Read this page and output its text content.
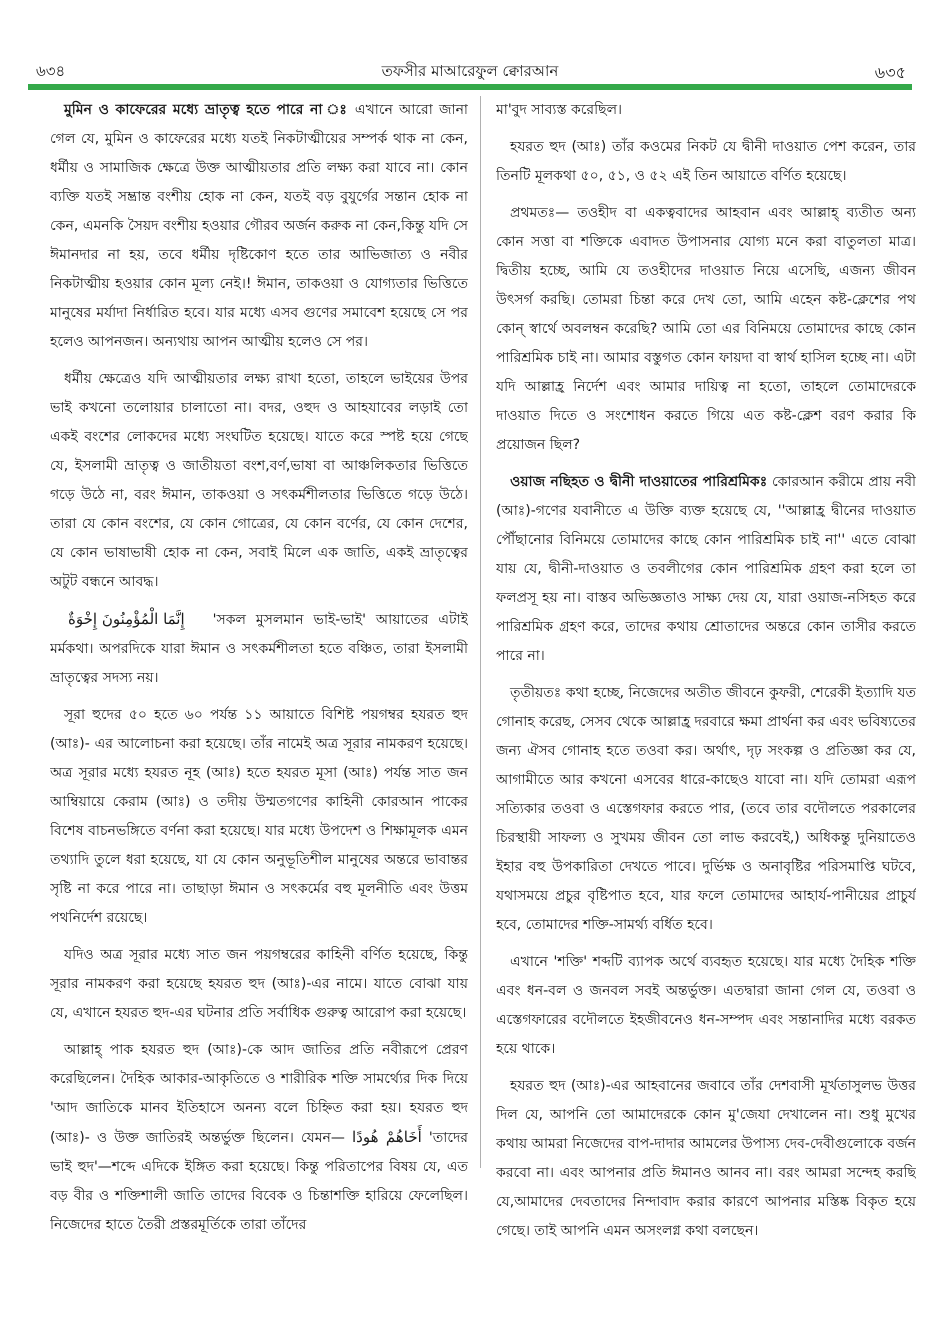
৬৩৪	তফসীর মাআরেফুল ক্বোরআন	৬৩৫

মুমিন ও কাফেরের মধ্যে ভ্রাতৃত্ব হতে পারে না ঃ এখানে আরো জানা গেল যে, মুমিন ও কাফেরের মধ্যে যতই নিকটাত্মীয়ের সম্পর্ক থাক না কেন, ধর্মীয় ও সামাজিক ক্ষেত্রে উক্ত আত্মীয়তার প্রতি লক্ষ্য করা যাবে না। কোন ব্যক্তি যতই সম্ভ্রান্ত বংশীয় হোক না কেন, যতই বড় বুযুর্গের সন্তান হোক না কেন, এমনকি সৈয়দ বংশীয় হওয়ার গৌরব অর্জন করুক না কেন,কিন্তু যদি সে ঈমানদার না হয়, তবে ধর্মীয় দৃষ্টিকোণ হতে তার আভিজাত্য ও নবীর নিকটাত্মীয় হওয়ার কোন মূল্য নেই।! ঈমান, তাকওয়া ও যোগ্যতার ভিত্তিতে মানুষের মর্যাদা নির্ধারিত হবে। যার মধ্যে এসব গুণের সমাবেশ হয়েছে সে পর হলেও আপনজন। অন্যথায় আপন আত্মীয় হলেও সে পর।

ধর্মীয় ক্ষেত্রেও যদি আত্মীয়তার লক্ষ্য রাখা হতো, তাহলে ভাইয়ের উপর ভাই কখনো তলোয়ার চালাতো না। বদর, ওহুদ ও আহযাবের লড়াই তো একই বংশের লোকদের মধ্যে সংঘটিত হয়েছে। যাতে করে স্পষ্ট হয়ে গেছে যে, ইসলামী ভ্রাতৃত্ব ও জাতীয়তা বংশ,বর্ণ,ভাষা বা আঞ্চলিকতার ভিত্তিতে গড়ে উঠে না, বরং ঈমান, তাকওয়া ও সৎকর্মশীলতার ভিত্তিতে গড়ে উঠে। তারা যে কোন বংশের, যে কোন গোত্রের, যে কোন বর্ণের, যে কোন দেশের, যে কোন ভাষাভাষী হোক না কেন, সবাই মিলে এক জাতি, একই ভ্রাতৃত্বের অটুট বন্ধনে আবদ্ধ।

إِنَّمَا الْمُؤْمِنُونَ إِخْوَةٌ 'সকল মুসলমান ভাই-ভাই' আয়াতের এটাই মর্মকথা। অপরদিকে যারা ঈমান ও সৎকর্মশীলতা হতে বঞ্চিত, তারা ইসলামী ভ্রাতৃত্বের সদস্য নয়।

সূরা হুদের ৫০ হতে ৬০ পর্যন্ত ১১ আয়াতে বিশিষ্ট পয়গম্বর হযরত হুদ (আঃ)- এর আলোচনা করা হয়েছে। তাঁর নামেই অত্র সূরার নামকরণ হয়েছে। অত্র সূরার মধ্যে হযরত নূহ (আঃ) হতে হযরত মূসা (আঃ) পর্যন্ত সাত জন আম্বিয়ায়ে কেরাম (আঃ) ও তদীয় উম্মতগণের কাহিনী কোরআন পাকের বিশেষ বাচনভঙ্গিতে বর্ণনা করা হয়েছে। যার মধ্যে উপদেশ ও শিক্ষামূলক এমন তথ্যাদি তুলে ধরা হয়েছে, যা যে কোন অনুভূতিশীল মানুষের অন্তরে ভাবান্তর সৃষ্টি না করে পারে না। তাছাড়া ঈমান ও সৎকর্মের বহু মূলনীতি এবং উত্তম পথনির্দেশ রয়েছে।

যদিও অত্র সূরার মধ্যে সাত জন পয়গম্বরের কাহিনী বর্ণিত হয়েছে, কিন্তু সূরার নামকরণ করা হয়েছে হযরত হুদ (আঃ)-এর নামে। যাতে বোঝা যায় যে, এখানে হযরত হুদ-এর ঘটনার প্রতি সর্বাধিক গুরুত্ব আরোপ করা হয়েছে।

আল্লাহ্ পাক হযরত হুদ (আঃ)-কে আদ জাতির প্রতি নবীরূপে প্রেরণ করেছিলেন। দৈহিক আকার-আকৃতিতে ও শারীরিক শক্তি সামর্থ্যের দিক দিয়ে 'আদ জাতিকে মানব ইতিহাসে অনন্য বলে চিহ্নিত করা হয়। হযরত হুদ (আঃ)- ও উক্ত জাতিরই অন্তর্ভুক্ত ছিলেন। যেমন— أَخَاهُمْ هُودًا 'তাদের ভাই হুদ'—শব্দে এদিকে ইঙ্গিত করা হয়েছে। কিন্তু পরিতাপের বিষয় যে, এত বড় বীর ও শক্তিশালী জাতি তাদের বিবেক ও চিন্তাশক্তি হারিয়ে ফেলেছিল। নিজেদের হাতে তৈরী প্রস্তরমূর্তিকে তারা তাঁদের

মা'বুদ সাব্যস্ত করেছিল।

হযরত হুদ (আঃ) তাঁর কওমের নিকট যে দ্বীনী দাওয়াত পেশ করেন, তার তিনটি মূলকথা ৫০, ৫১, ও ৫২ এই তিন আয়াতে বর্ণিত হয়েছে।

প্রথমতঃ— তওহীদ বা একত্ববাদের আহবান এবং আল্লাহ্ ব্যতীত অন্য কোন সত্তা বা শক্তিকে এবাদত উপাসনার যোগ্য মনে করা বাতুলতা মাত্র। দ্বিতীয় হচ্ছে, আমি যে তওহীদের দাওয়াত নিয়ে এসেছি, এজন্য জীবন উৎসর্গ করছি। তোমরা চিন্তা করে দেখ তো, আমি এহেন কষ্ট-ক্লেশের পথ কোন্ স্বার্থে অবলম্বন করেছি? আমি তো এর বিনিময়ে তোমাদের কাছে কোন পারিশ্রমিক চাই না। আমার বস্তুগত কোন ফায়দা বা স্বার্থ হাসিল হচ্ছে না। এটা যদি আল্লাহ্র নির্দেশ এবং আমার দায়িত্ব না হতো, তাহলে তোমাদেরকে দাওয়াত দিতে ও সংশোধন করতে গিয়ে এত কষ্ট-ক্লেশ বরণ করার কি প্রয়োজন ছিল?

ওয়াজ নছিহত ও দ্বীনী দাওয়াতের পারিশ্রমিকঃ কোরআন করীমে প্রায় নবী (আঃ)-গণের যবানীতে এ উক্তি ব্যক্ত হয়েছে যে, ''আল্লাহ্র দ্বীনের দাওয়াত পৌঁছানোর বিনিময়ে তোমাদের কাছে কোন পারিশ্রমিক চাই না'' এতে বোঝা যায় যে, দ্বীনী-দাওয়াত ও তবলীগের কোন পারিশ্রমিক গ্রহণ করা হলে তা ফলপ্রসূ হয় না। বাস্তব অভিজ্ঞতাও সাক্ষ্য দেয় যে, যারা ওয়াজ-নসিহত করে পারিশ্রমিক গ্রহণ করে, তাদের কথায় শ্রোতাদের অন্তরে কোন তাসীর করতে পারে না।

তৃতীয়তঃ কথা হচ্ছে, নিজেদের অতীত জীবনে কুফরী, শেরেকী ইত্যাদি যত গোনাহ করেছ, সেসব থেকে আল্লাহ্র দরবারে ক্ষমা প্রার্থনা কর এবং ভবিষ্যতের জন্য ঐসব গোনাহ হতে তওবা কর। অর্থাৎ, দৃঢ় সংকল্প ও প্রতিজ্ঞা কর যে, আগামীতে আর কখনো এসবের ধারে-কাছেও যাবো না। যদি তোমরা এরূপ সত্যিকার তওবা ও এস্তেগফার করতে পার, (তবে তার বদৌলতে পরকালের চিরস্থায়ী সাফল্য ও সুখময় জীবন তো লাভ করবেই,) অধিকন্তু দুনিয়াতেও ইহার বহু উপকারিতা দেখতে পাবে। দুর্ভিক্ষ ও অনাবৃষ্টির পরিসমাপ্তি ঘটবে, যথাসময়ে প্রচুর বৃষ্টিপাত হবে, যার ফলে তোমাদের আহার্য-পানীয়ের প্রাচুর্য হবে, তোমাদের শক্তি-সামর্থ্য বর্ধিত হবে।

এখানে 'শক্তি' শব্দটি ব্যাপক অর্থে ব্যবহৃত হয়েছে। যার মধ্যে দৈহিক শক্তি এবং ধন-বল ও জনবল সবই অন্তর্ভুক্ত। এতদ্বারা জানা গেল যে, তওবা ও এস্তেগফারের বদৌলতে ইহজীবনেও ধন-সম্পদ এবং সন্তানাদির মধ্যে বরকত হয়ে থাকে।

হযরত হুদ (আঃ)-এর আহবানের জবাবে তাঁর দেশবাসী মূর্খতাসুলভ উত্তর দিল যে, আপনি তো আমাদেরকে কোন মু'জেযা দেখালেন না। শুধু মুখের কথায় আমরা নিজেদের বাপ-দাদার আমলের উপাস্য দেব-দেবীগুলোকে বর্জন করবো না। এবং আপনার প্রতি ঈমানও আনব না। বরং আমরা সন্দেহ করছি যে,আমাদের দেবতাদের নিন্দাবাদ করার কারণে আপনার মস্তিষ্ক বিকৃত হয়ে গেছে। তাই আপনি এমন অসংলগ্ন কথা বলছেন।
